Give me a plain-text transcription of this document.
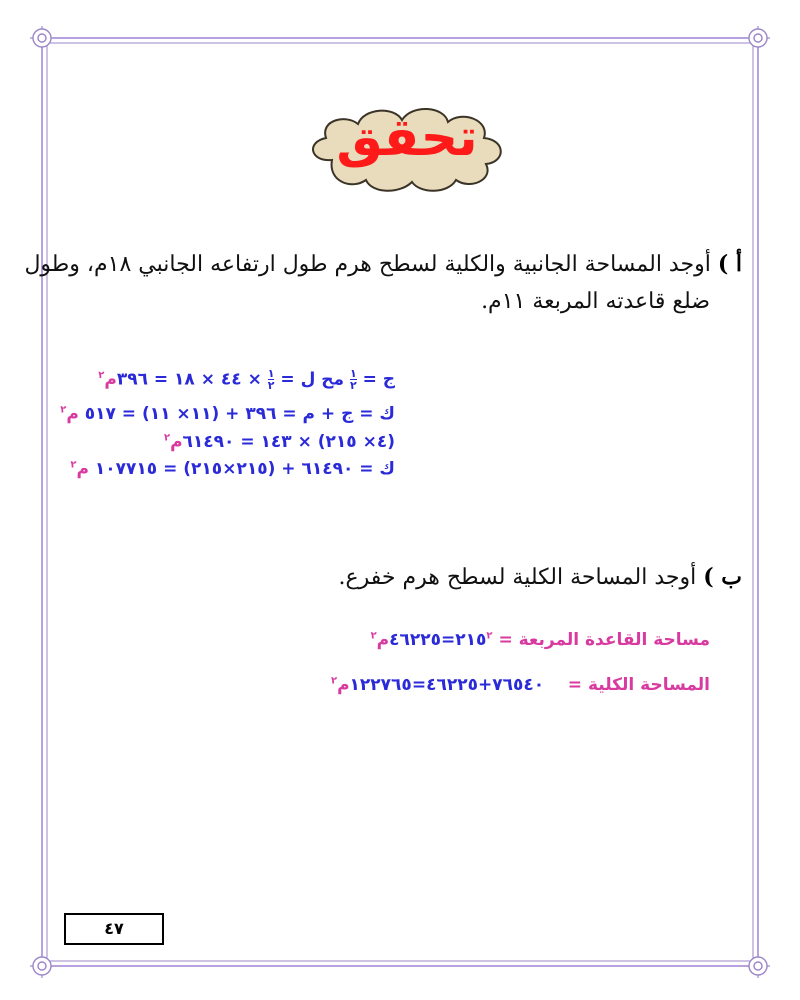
تحقق
أ ) أوجد المساحة الجانبية والكلية لسطح هرم طول ارتفاعه الجانبي ١٨م، وطول
ضلع قاعدته المربعة ١١م.
ج =
١
٢
مح ل =
١
٢
× ٤٤ × ١٨ = ٣٩٦م$^٢$
ك = ج + م = ٣٩٦ + (١١× ١١) = ٥١٧ م$^٢$
(٤× ٢١٥) × ١٤٣ = ٦١٤٩٠م$^٢$
ك = ٦١٤٩٠ + (٢١٥×٢١٥) = ١٠٧٧١٥ م$^٢$
ب ) أوجد المساحة الكلية لسطح هرم خفرع.
مساحة القاعدة المربعة = $٢١٥^٢=٤٦٢٢٥م^٢$
المساحة الكلية =    ٧٦٥٤٠+٤٦٢٢٥=١٢٢٧٦٥م$^٢$
٤٧
